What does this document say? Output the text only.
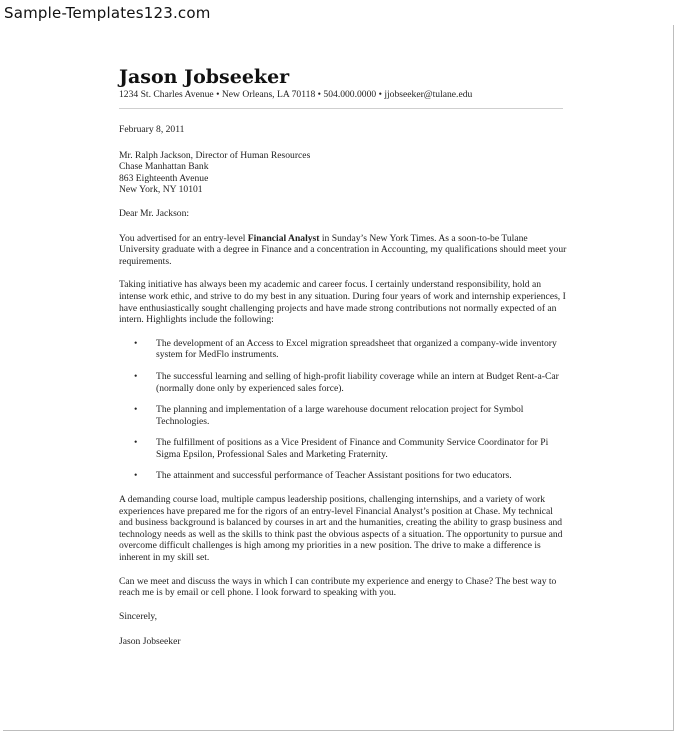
Sample-Templates123.com
Jason Jobseeker
1234 St. Charles Avenue • New Orleans, LA 70118 • 504.000.0000 • jjobseeker@tulane.edu
February 8, 2011
Mr. Ralph Jackson, Director of Human Resources
Chase Manhattan Bank
863 Eighteenth Avenue
New York, NY 10101
Dear Mr. Jackson:

You advertised for an entry-level Financial Analyst in Sunday’s New York Times. As a soon-to-be Tulane University graduate with a degree in Finance and a concentration in Accounting, my qualifications should meet your requirements.

Taking initiative has always been my academic and career focus. I certainly understand responsibility, hold an intense work ethic, and strive to do my best in any situation. During four years of work and internship experiences, I have enthusiastically sought challenging projects and have made strong contributions not normally expected of an intern. Highlights include the following:

• The development of an Access to Excel migration spreadsheet that organized a company-wide inventory system for MedFlo instruments.
• The successful learning and selling of high-profit liability coverage while an intern at Budget Rent-a-Car (normally done only by experienced sales force).
• The planning and implementation of a large warehouse document relocation project for Symbol Technologies.
• The fulfillment of positions as a Vice President of Finance and Community Service Coordinator for Pi Sigma Epsilon, Professional Sales and Marketing Fraternity.
• The attainment and successful performance of Teacher Assistant positions for two educators.

A demanding course load, multiple campus leadership positions, challenging internships, and a variety of work experiences have prepared me for the rigors of an entry-level Financial Analyst’s position at Chase. My technical and business background is balanced by courses in art and the humanities, creating the ability to grasp business and technology needs as well as the skills to think past the obvious aspects of a situation. The opportunity to pursue and overcome difficult challenges is high among my priorities in a new position. The drive to make a difference is inherent in my skill set.

Can we meet and discuss the ways in which I can contribute my experience and energy to Chase? The best way to reach me is by email or cell phone. I look forward to speaking with you.

Sincerely,
Jason Jobseeker
